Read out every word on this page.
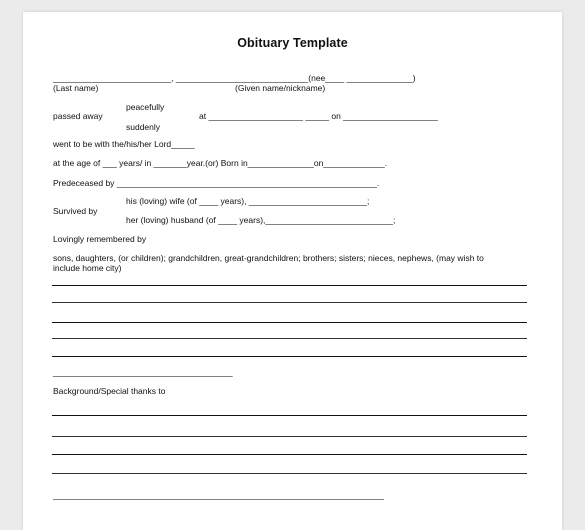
Obituary Template
_________________________, ____________________________(nee____ ______________)
(Last name)	(Given name/nickname)
peacefully
passed away	at ____________________ _____ on ____________________
suddenly
went to be with the/his/her Lord_____
at the age of ___ years/ in _______year.(or) Born in______________on_____________.
Predeceased by _______________________________________________________.
his (loving) wife (of ____ years), _________________________;
Survived by
her (loving) husband (of ____ years),___________________________;
Lovingly remembered by
sons, daughters, (or children); grandchildren, great-grandchildren; brothers; sisters; nieces, nephews, (may wish to
include home city)
______________________________________
Background/Special thanks to
______________________________________________________________________
